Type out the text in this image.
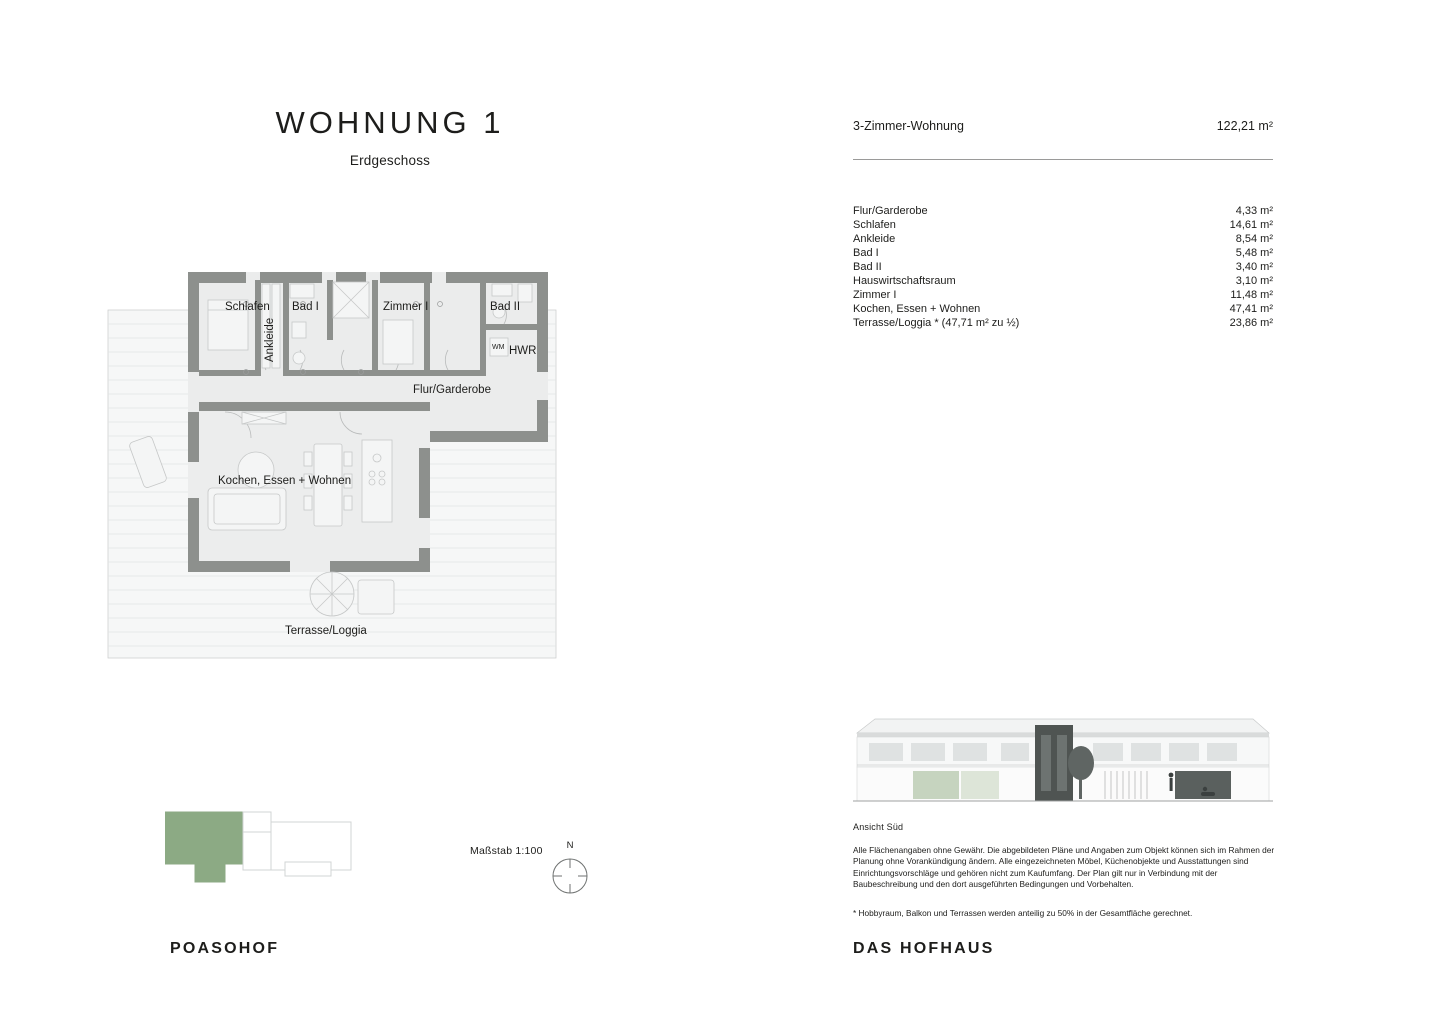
WOHNUNG 1
Erdgeschoss
Schlafen
Ankleide
Bad I	Zimmer I	Bad II
HWR
WM
Flur/Garderobe
Kochen, Essen + Wohnen
Terrasse/Loggia
Maßstab 1:100	N
POASOHOF
3-Zimmer-Wohnung	122,21 m²
Flur/Garderobe	4,33 m²
Schlafen	14,61 m²
Ankleide	8,54 m²
Bad I	5,48 m²
Bad II	3,40 m²
Hauswirtschaftsraum	3,10 m²
Zimmer I	11,48 m²
Kochen, Essen + Wohnen	47,41 m²
Terrasse/Loggia * (47,71 m² zu ½)	23,86 m²
Ansicht Süd
Alle Flächenangaben ohne Gewähr. Die abgebildeten Pläne und Angaben zum Objekt können sich im Rahmen der Planung ohne Vorankündigung ändern. Alle eingezeichneten Möbel, Küchenobjekte und Ausstattungen sind Einrichtungsvorschläge und gehören nicht zum Kaufumfang. Der Plan gilt nur in Verbindung mit der Baubeschreibung und den dort ausgeführten Bedingungen und Vorbehalten.
* Hobbyraum, Balkon und Terrassen werden anteilig zu 50% in der Gesamtfläche gerechnet.
DAS HOFHAUS
